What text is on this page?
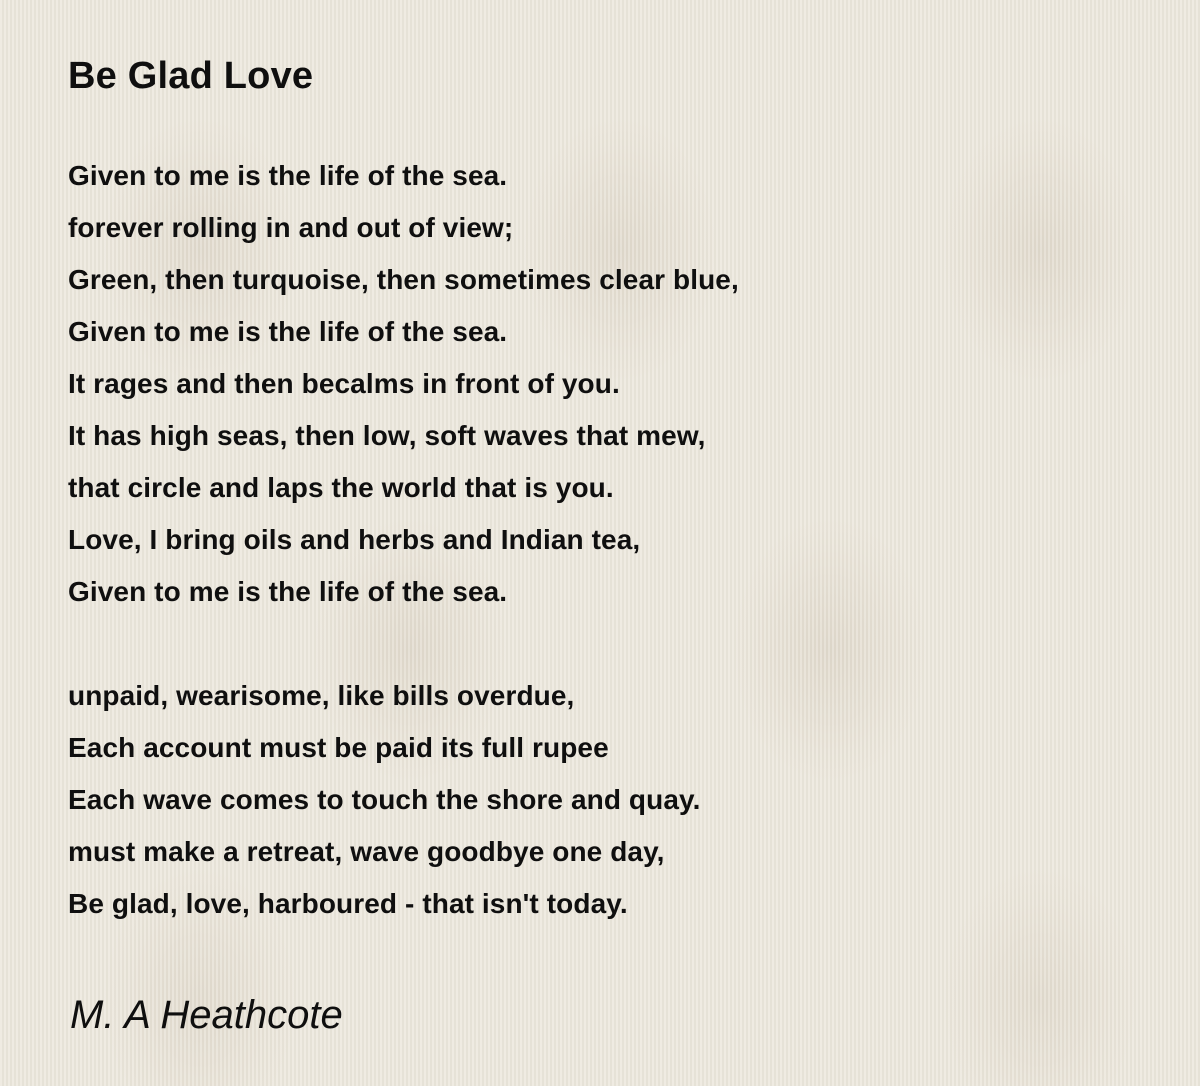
Be Glad Love
Given to me is the life of the sea.
forever rolling in and out of view;
Green, then turquoise, then sometimes clear blue,
Given to me is the life of the sea.
It rages and then becalms in front of you.
It has high seas, then low, soft waves that mew,
that circle and laps the world that is you.
Love, I bring oils and herbs and Indian tea,
Given to me is the life of the sea.
unpaid, wearisome, like bills overdue,
Each account must be paid its full rupee
Each wave comes to touch the shore and quay.
must make a retreat, wave goodbye one day,
Be glad, love, harboured - that isn't today.
M. A Heathcote
